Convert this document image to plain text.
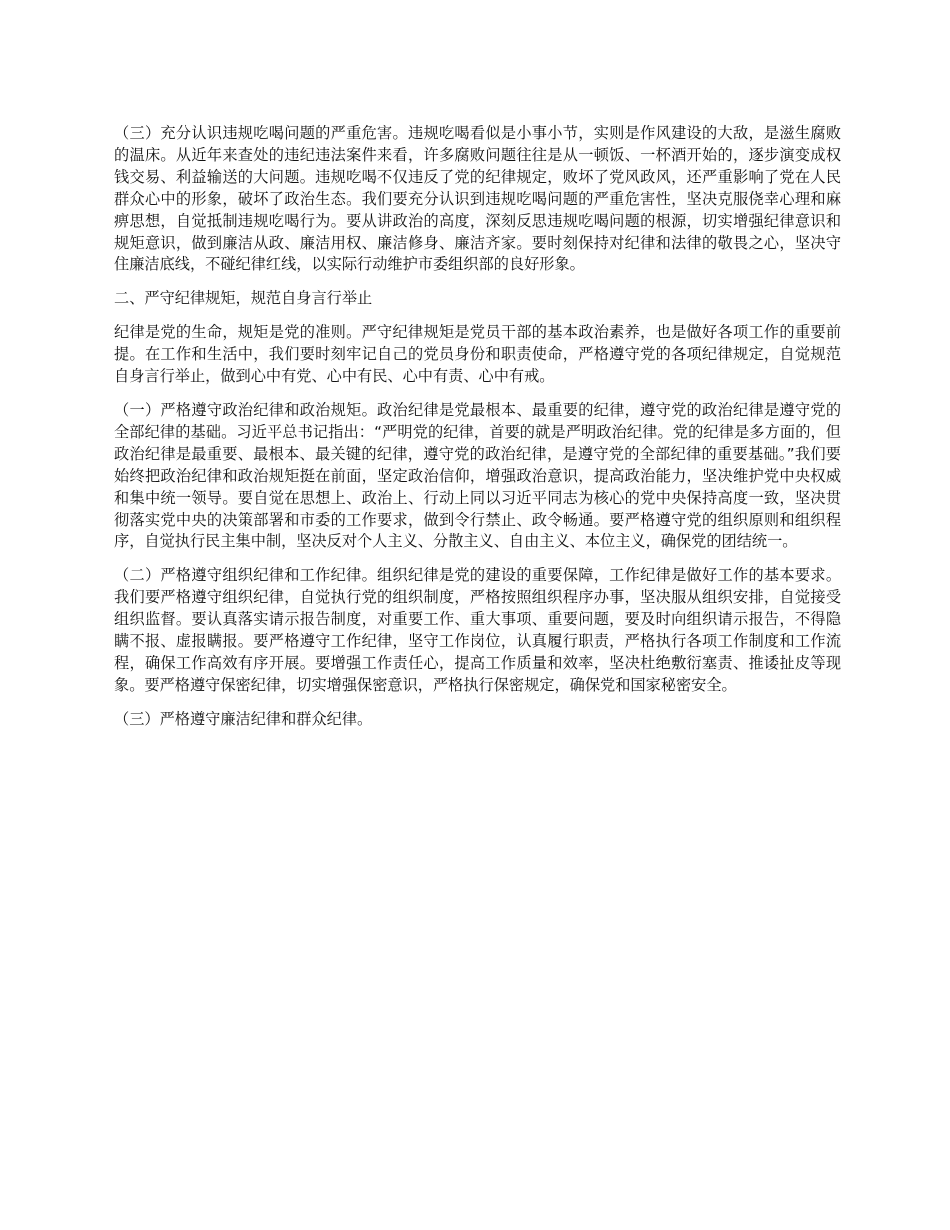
（三）充分认识违规吃喝问题的严重危害。违规吃喝看似是小事小节，实则是作风建设的大敌，是滋生腐败的温床。从近年来查处的违纪违法案件来看，许多腐败问题往往是从一顿饭、一杯酒开始的，逐步演变成权钱交易、利益输送的大问题。违规吃喝不仅违反了党的纪律规定，败坏了党风政风，还严重影响了党在人民群众心中的形象，破坏了政治生态。我们要充分认识到违规吃喝问题的严重危害性，坚决克服侥幸心理和麻痹思想，自觉抵制违规吃喝行为。要从讲政治的高度，深刻反思违规吃喝问题的根源，切实增强纪律意识和规矩意识，做到廉洁从政、廉洁用权、廉洁修身、廉洁齐家。要时刻保持对纪律和法律的敬畏之心，坚决守住廉洁底线，不碰纪律红线，以实际行动维护市委组织部的良好形象。

二、严守纪律规矩，规范自身言行举止

纪律是党的生命，规矩是党的准则。严守纪律规矩是党员干部的基本政治素养，也是做好各项工作的重要前提。在工作和生活中，我们要时刻牢记自己的党员身份和职责使命，严格遵守党的各项纪律规定，自觉规范自身言行举止，做到心中有党、心中有民、心中有责、心中有戒。

（一）严格遵守政治纪律和政治规矩。政治纪律是党最根本、最重要的纪律，遵守党的政治纪律是遵守党的全部纪律的基础。习近平总书记指出：“严明党的纪律，首要的就是严明政治纪律。党的纪律是多方面的，但政治纪律是最重要、最根本、最关键的纪律，遵守党的政治纪律，是遵守党的全部纪律的重要基础。”我们要始终把政治纪律和政治规矩挺在前面，坚定政治信仰，增强政治意识，提高政治能力，坚决维护党中央权威和集中统一领导。要自觉在思想上、政治上、行动上同以习近平同志为核心的党中央保持高度一致，坚决贯彻落实党中央的决策部署和市委的工作要求，做到令行禁止、政令畅通。要严格遵守党的组织原则和组织程序，自觉执行民主集中制，坚决反对个人主义、分散主义、自由主义、本位主义，确保党的团结统一。

（二）严格遵守组织纪律和工作纪律。组织纪律是党的建设的重要保障，工作纪律是做好工作的基本要求。我们要严格遵守组织纪律，自觉执行党的组织制度，严格按照组织程序办事，坚决服从组织安排，自觉接受组织监督。要认真落实请示报告制度，对重要工作、重大事项、重要问题，要及时向组织请示报告，不得隐瞒不报、虚报瞒报。要严格遵守工作纪律，坚守工作岗位，认真履行职责，严格执行各项工作制度和工作流程，确保工作高效有序开展。要增强工作责任心，提高工作质量和效率，坚决杜绝敷衍塞责、推诿扯皮等现象。要严格遵守保密纪律，切实增强保密意识，严格执行保密规定，确保党和国家秘密安全。

（三）严格遵守廉洁纪律和群众纪律。
